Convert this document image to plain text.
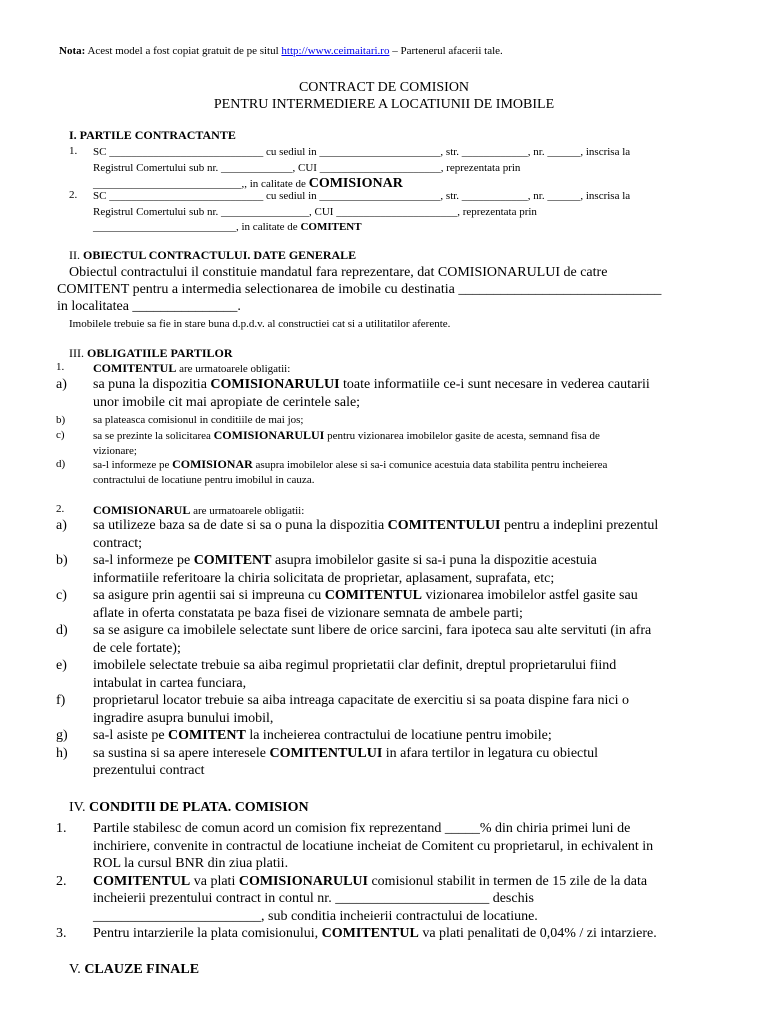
Nota: Acest model a fost copiat gratuit de pe situl http://www.ceimaitari.ro – Partenerul afacerii tale.
CONTRACT DE COMISION
PENTRU INTERMEDIERE A LOCATIUNII DE IMOBILE
I. PARTILE CONTRACTANTE
1. SC ____________________________ cu sediul in ______________________, str. ____________, nr. ______, inscrisa la
Registrul Comertului sub nr. _____________, CUI ______________________, reprezentata prin
___________________________,, in calitate de COMISIONAR
2. SC ____________________________ cu sediul in ______________________, str. ____________, nr. ______, inscrisa la
Registrul Comertului sub nr. ________________, CUI ______________________, reprezentata prin
__________________________, in calitate de COMITENT
II. OBIECTUL CONTRACTULUI. DATE GENERALE
Obiectul contractului il constituie mandatul fara reprezentare, dat COMISIONARULUI de catre
COMITENT pentru a intermedia selectionarea de imobile cu destinatia _____________________________
in localitatea _______________.
Imobilele trebuie sa fie in stare buna d.p.d.v. al constructiei cat si a utilitatilor aferente.
III. OBLIGATIILE PARTILOR
1. COMITENTUL are urmatoarele obligatii:
a) sa puna la dispozitia COMISIONARULUI toate informatiile ce-i sunt necesare in vederea cautarii
unor imobile cit mai apropiate de cerintele sale;
b)	sa plateasca comisionul in conditiile de mai jos;
c)	sa se prezinte la solicitarea COMISIONARULUI pentru vizionarea imobilelor gasite de acesta, semnand fisa de
vizionare;
d)	sa-l informeze pe COMISIONAR asupra imobilelor alese si sa-i comunice acestuia data stabilita pentru incheierea
contractului de locatiune pentru imobilul in cauza.
2. COMISIONARUL are urmatoarele obligatii:
a) sa utilizeze baza sa de date si sa o puna la dispozitia COMITENTULUI pentru a indeplini prezentul
contract;
b) sa-l informeze pe COMITENT asupra imobilelor gasite si sa-i puna la dispozitie acestuia
informatiile referitoare la chiria solicitata de proprietar, aplasament, suprafata, etc;
c) sa asigure prin agentii sai si impreuna cu COMITENTUL vizionarea imobilelor astfel gasite sau
aflate in oferta constatata pe baza fisei de vizionare semnata de ambele parti;
d) sa se asigure ca imobilele selectate sunt libere de orice sarcini, fara ipoteca sau alte servituti (in afra
de cele fortate);
e) imobilele selectate trebuie sa aiba regimul proprietatii clar definit, dreptul proprietarului fiind
intabulat in cartea funciara,
f) proprietarul locator trebuie sa aiba intreaga capacitate de exercitiu si sa poata dispine fara nici o
ingradire asupra bunului imobil,
g) sa-l asiste pe COMITENT la incheierea contractului de locatiune pentru imobile;
h) sa sustina si sa apere interesele COMITENTULUI in afara tertilor in legatura cu obiectul
prezentului contract
IV. CONDITII DE PLATA. COMISION
1. Partile stabilesc de comun acord un comision fix reprezentand _____% din chiria primei luni de
inchiriere, convenite in contractul de locatiune incheiat de Comitent cu proprietarul, in echivalent in
ROL la cursul BNR din ziua platii.
2. COMITENTUL va plati COMISIONARULUI comisionul stabilit in termen de 15 zile de la data
incheierii prezentului contract in contul nr. ______________________ deschis
________________________, sub conditia incheierii contractului de locatiune.
3. Pentru intarzierile la plata comisionului, COMITENTUL va plati penalitati de 0,04% / zi intarziere.
V. CLAUZE FINALE
